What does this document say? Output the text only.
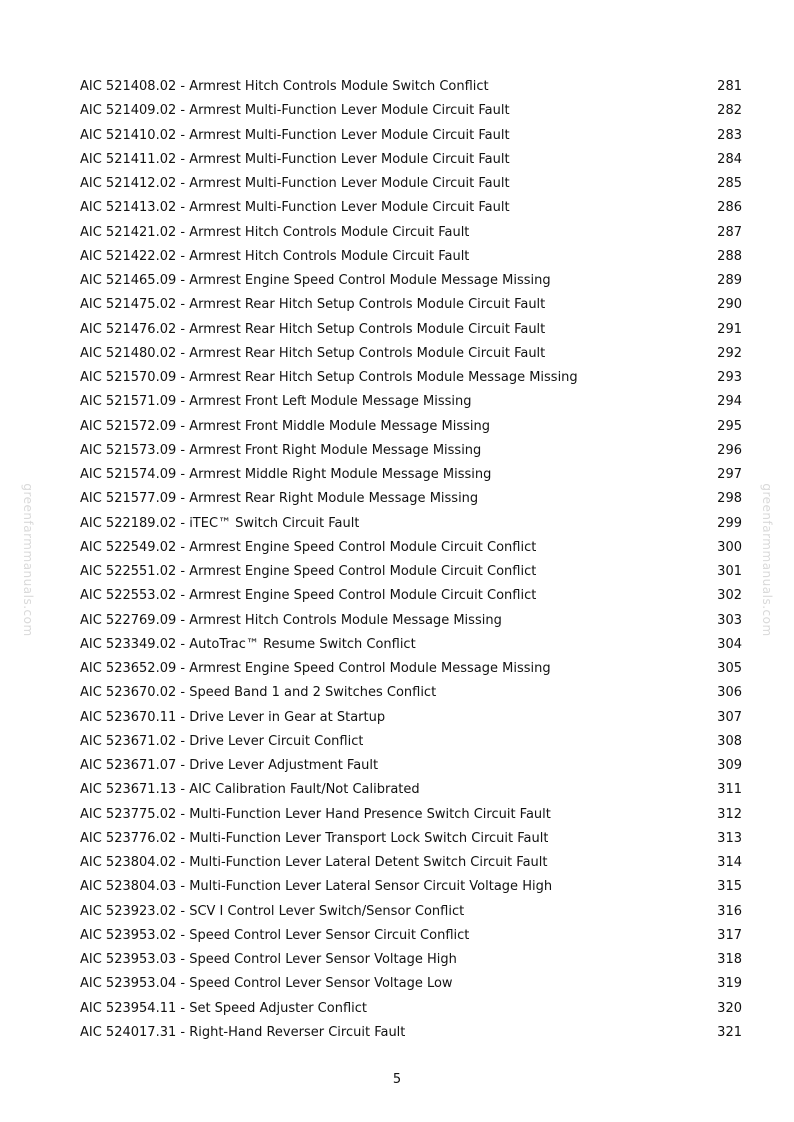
AIC 521408.02 - Armrest Hitch Controls Module Switch Conflict	281
AIC 521409.02 - Armrest Multi-Function Lever Module Circuit Fault	282
AIC 521410.02 - Armrest Multi-Function Lever Module Circuit Fault	283
AIC 521411.02 - Armrest Multi-Function Lever Module Circuit Fault	284
AIC 521412.02 - Armrest Multi-Function Lever Module Circuit Fault	285
AIC 521413.02 - Armrest Multi-Function Lever Module Circuit Fault	286
AIC 521421.02 - Armrest Hitch Controls Module Circuit Fault	287
AIC 521422.02 - Armrest Hitch Controls Module Circuit Fault	288
AIC 521465.09 - Armrest Engine Speed Control Module Message Missing	289
AIC 521475.02 - Armrest Rear Hitch Setup Controls Module Circuit Fault	290
AIC 521476.02 - Armrest Rear Hitch Setup Controls Module Circuit Fault	291
AIC 521480.02 - Armrest Rear Hitch Setup Controls Module Circuit Fault	292
AIC 521570.09 - Armrest Rear Hitch Setup Controls Module Message Missing	293
AIC 521571.09 - Armrest Front Left Module Message Missing	294
AIC 521572.09 - Armrest Front Middle Module Message Missing	295
AIC 521573.09 - Armrest Front Right Module Message Missing	296
AIC 521574.09 - Armrest Middle Right Module Message Missing	297
AIC 521577.09 - Armrest Rear Right Module Message Missing	298
AIC 522189.02 - iTEC™ Switch Circuit Fault	299
AIC 522549.02 - Armrest Engine Speed Control Module Circuit Conflict	300
AIC 522551.02 - Armrest Engine Speed Control Module Circuit Conflict	301
AIC 522553.02 - Armrest Engine Speed Control Module Circuit Conflict	302
AIC 522769.09 - Armrest Hitch Controls Module Message Missing	303
AIC 523349.02 - AutoTrac™ Resume Switch Conflict	304
AIC 523652.09 - Armrest Engine Speed Control Module Message Missing	305
AIC 523670.02 - Speed Band 1 and 2 Switches Conflict	306
AIC 523670.11 - Drive Lever in Gear at Startup	307
AIC 523671.02 - Drive Lever Circuit Conflict	308
AIC 523671.07 - Drive Lever Adjustment Fault	309
AIC 523671.13 - AIC Calibration Fault/Not Calibrated	311
AIC 523775.02 - Multi-Function Lever Hand Presence Switch Circuit Fault	312
AIC 523776.02 - Multi-Function Lever Transport Lock Switch Circuit Fault	313
AIC 523804.02 - Multi-Function Lever Lateral Detent Switch Circuit Fault	314
AIC 523804.03 - Multi-Function Lever Lateral Sensor Circuit Voltage High	315
AIC 523923.02 - SCV I Control Lever Switch/Sensor Conflict	316
AIC 523953.02 - Speed Control Lever Sensor Circuit Conflict	317
AIC 523953.03 - Speed Control Lever Sensor Voltage High	318
AIC 523953.04 - Speed Control Lever Sensor Voltage Low	319
AIC 523954.11 - Set Speed Adjuster Conflict	320
AIC 524017.31 - Right-Hand Reverser Circuit Fault	321
greenfarmmanuals.com	greenfarmmanuals.com
5
